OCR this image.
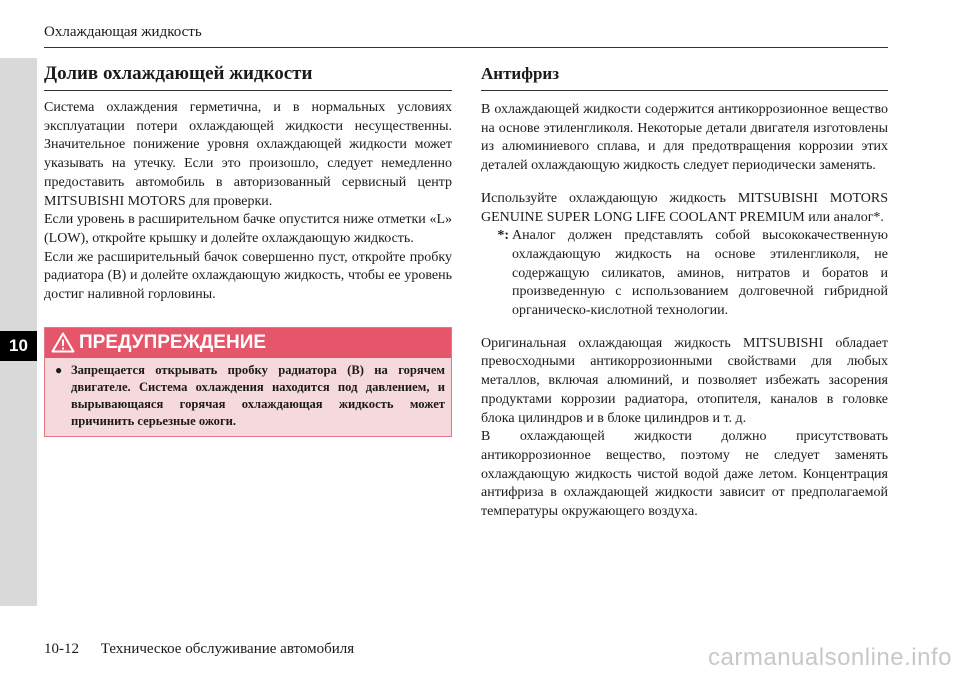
10
Охлаждающая жидкость
Долив охлаждающей жидкости

Система охлаждения герметична, и в нормальных условиях эксплуатации потери охлаждающей жидкости несущественны. Значительное понижение уровня охлаждающей жидкости может указывать на утечку. Если это произошло, следует немедленно предоставить автомобиль в авторизованный сервисный центр MITSUBISHI MOTORS для проверки.

Если уровень в расширительном бачке опустится ниже отметки «L» (LOW), откройте крышку и долейте охлаждающую жидкость.

Если же расширительный бачок совершенно пуст, откройте пробку радиатора (B) и долейте охлаждающую жидкость, чтобы ее уровень достиг наливной горловины.

ПРЕДУПРЕЖДЕНИЕ
● Запрещается открывать пробку радиатора (B) на горячем двигателе. Система охлаждения находится под давлением, и вырывающаяся горячая охлаждающая жидкость может причинить серьезные ожоги.
Антифриз

В охлаждающей жидкости содержится антикоррозионное вещество на основе этиленгликоля. Некоторые детали двигателя изготовлены из алюминиевого сплава, и для предотвращения коррозии этих деталей охлаждающую жидкость следует периодически заменять.

Используйте охлаждающую жидкость MITSUBISHI MOTORS GENUINE SUPER LONG LIFE COOLANT PREMIUM или аналог*.

*: Аналог должен представлять собой высококачественную охлаждающую жидкость на основе этиленгликоля, не содержащую силикатов, аминов, нитратов и боратов и произведенную с использованием долговечной гибридной органическо-кислотной технологии.

Оригинальная охлаждающая жидкость MITSUBISHI обладает превосходными антикоррозионными свойствами для любых металлов, включая алюминий, и позволяет избежать засорения продуктами коррозии радиатора, отопителя, каналов в головке блока цилиндров и в блоке цилиндров и т. д.

В охлаждающей жидкости должно присутствовать антикоррозионное вещество, поэтому не следует заменять охлаждающую жидкость чистой водой даже летом. Концентрация антифриза в охлаждающей жидкости зависит от предполагаемой температуры окружающего воздуха.

10-12 Техническое обслуживание автомобиля	carmanualsonline.info
